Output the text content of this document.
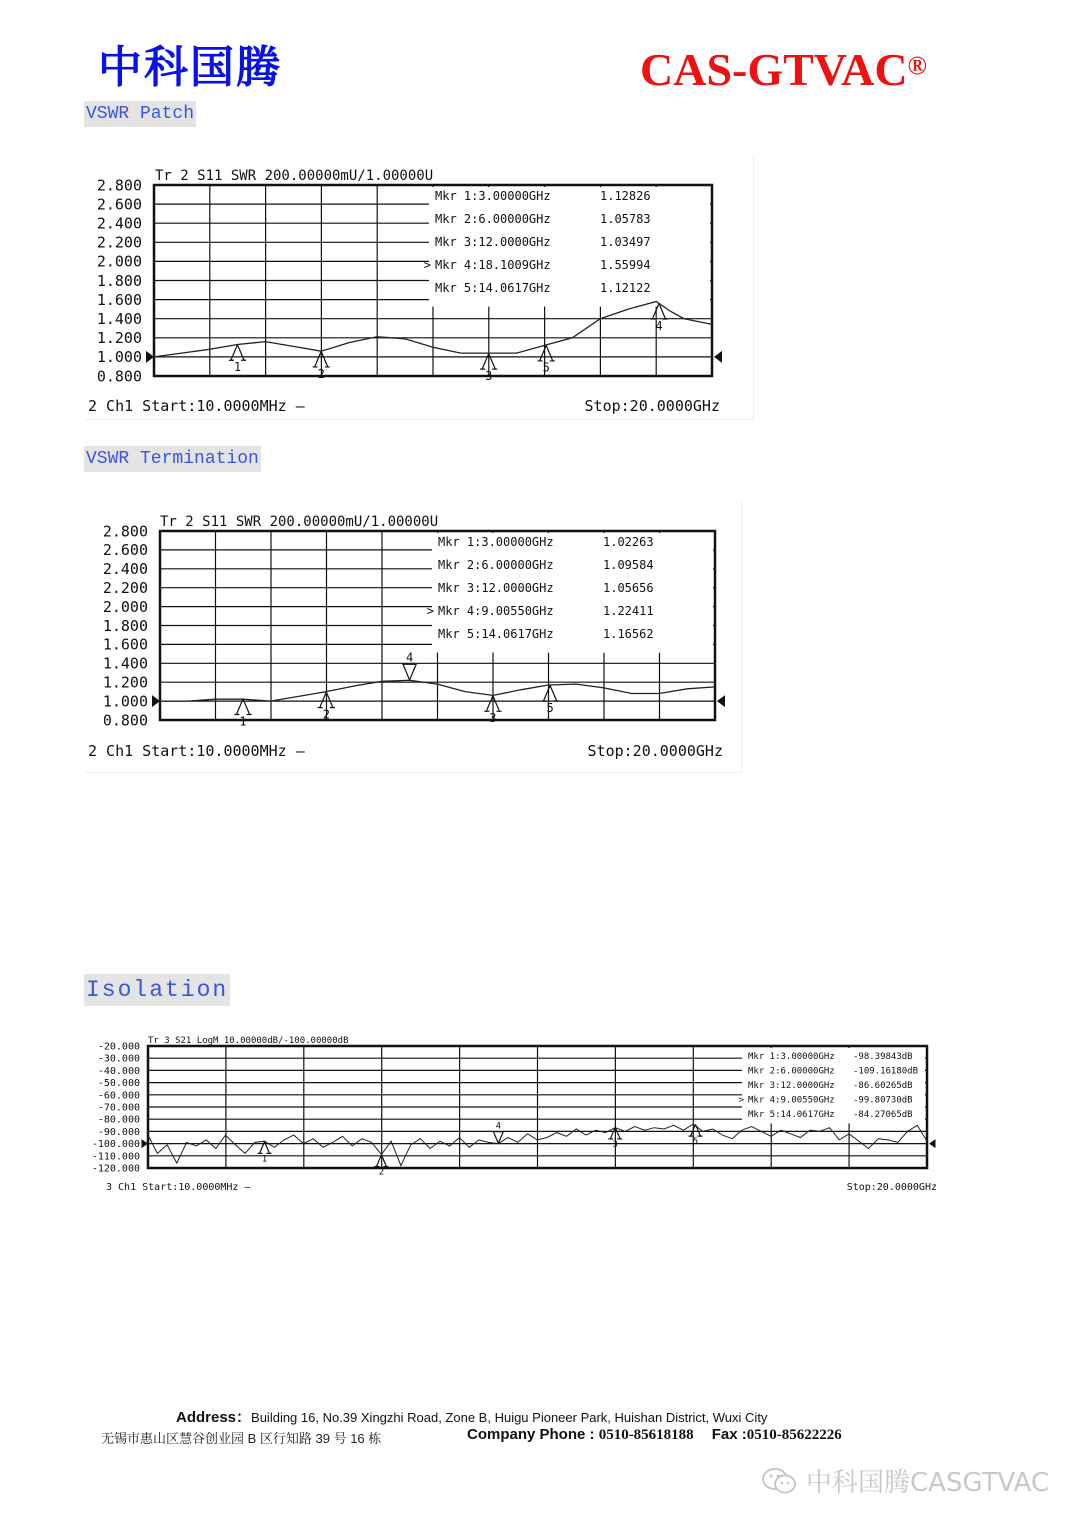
中科国腾	CAS-GTVAC®
VSWR Patch
VSWR Termination
Isolation
Tr 2 S11 SWR 200.00000mU/1.00000U
2.800
2.600
2.400
2.200
2.000
1.800
1.600
1.400
1.200
1.000
0.800
Mkr 1:3.00000GHz	1.12826
Mkr 2:6.00000GHz	1.05783
Mkr 3:12.0000GHz	1.03497
> Mkr 4:18.1009GHz	1.55994
Mkr 5:14.0617GHz	1.12122
1	2	3
4
5
2 Ch1 Start:10.0000MHz —	Stop:20.0000GHz
Tr 2 S11 SWR 200.00000mU/1.00000U
2.800
2.600
2.400
2.200
2.000
1.800
1.600
1.400
1.200
1.000
0.800
Mkr 1:3.00000GHz	1.02263
Mkr 2:6.00000GHz	1.09584
Mkr 3:12.0000GHz	1.05656
> Mkr 4:9.00550GHz	1.22411
Mkr 5:14.0617GHz	1.16562
1	2	3
4
5
2 Ch1 Start:10.0000MHz —	Stop:20.0000GHz
Tr 3 S21 LogM 10.00000dB/-100.00000dB
-20.000
-30.000
-40.000
-50.000
-60.000
-70.000
-80.000
-90.000
-100.000
-110.000
-120.000
Mkr 1:3.00000GHz -98.39843dB
Mkr 2:6.00000GHz -109.16180dB
Mkr 3:12.0000GHz -86.60265dB
> Mkr 4:9.00550GHz -99.80730dB
Mkr 5:14.0617GHz -84.27065dB
1
2
3
4
5
3 Ch1 Start:10.0000MHz —	Stop:20.0000GHz
Address：Building 16, No.39 Xingzhi Road, Zone B, Huigu Pioneer Park, Huishan District, Wuxi City
无锡市惠山区慧谷创业园 B 区行知路 39 号 16 栋	Company Phone : 0510-85618188 Fax :0510-85622226
中科国腾CASGTVAC
